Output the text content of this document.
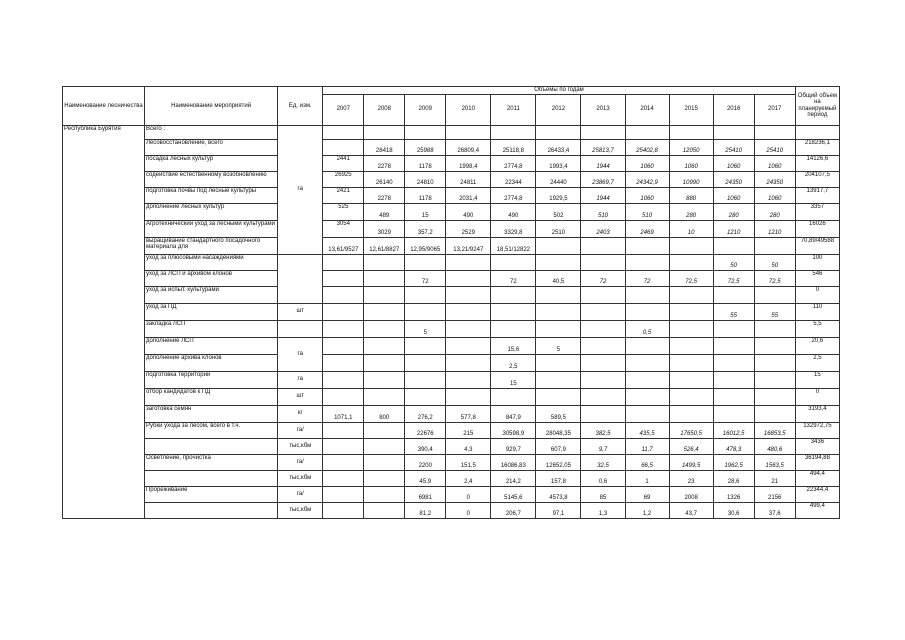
Наименование лесничества	Наименование мероприятий	Ед. изм.	Объемы по годам											Общий объем на планируемый период
			2007	2008	2009	2010	2011	2012	2013	2014	2015	2016	2017	
Республика Бурятия	Всего :	га												
	Лесовосстановление, всего			28418	25988	26809,4	25118,8	26433,4	25813,7	25402,8	12050	25410	25410	218236,1
	посадка лесных культур		2441	2278	1178	1998,4	2774,8	1993,4	1944	1060	1060	1060	1060	14126,6
	содействие естественному возобновлению		26925	26140	24810	24811	22344	24440	23869,7	24342,9	10990	24350	24350	204107,5
	подготовка почвы под лесные культуры		2421	2278	1178	2031,4	2774,8	1929,5	1944	1060	880	1060	1060	13917,7
	дополнение лесных культур		525	489	15	490	490	502	510	510	280	280	280	3357
	Агротехнический уход за лесными культурами		3054	3029	357,2	2529	3329,8	2510	2403	2469	10	1210	1210	16026
	выращивание стандартного посадочного материала для		13,61/9527	12,61/8827	12,95/9065	13,21/9247	18,51/12822							70,89/49588
	уход за плюсовыми насаждениями											50	50	100
	уход за ЛСП и архивом клонов				72		72	40,5	72	72	72,5	72,5	72,5	546
	уход за испыт. культурами													0
	уход за ПД	шт										55	55	110
	закладка ЛСП				5					0,5				5,5
	дополнение ЛСП	га					15,6	5						20,6
	дополнение архива клонов						2,5							2,5
	подготовка территории	га					15							15
	отбор кандидатов к ПД	шт												0
	заготовка семян	кг	1071,1	800	276,2	577,8	847,9	589,5						3193,4
	Рубки ухода за лесом, всего в т.ч.	га/			22676	215	30598,9	28048,35	382,5	435,5	17650,5	16012,5	16853,5	132972,75
		тыс.кбм			390,4	4,3	929,7	607,9	9,7	11,7	526,4	478,3	480,6	3436
	Осветление, прочистка	га/			2200	151,5	16086,83	12652,05	32,5	66,5	1499,5	1962,5	1563,5	36194,88
		тыс.кбм			45,9	2,4	214,2	157,8	0,6	1	23	28,6	21	494,4
	Прореживание	га/			6981	0	5145,6	4573,8	85	69	2008	1326	2156	22344,4
		тыс.кбм			81,2	0	206,7	97,1	1,3	1,2	43,7	30,6	37,6	499,4
